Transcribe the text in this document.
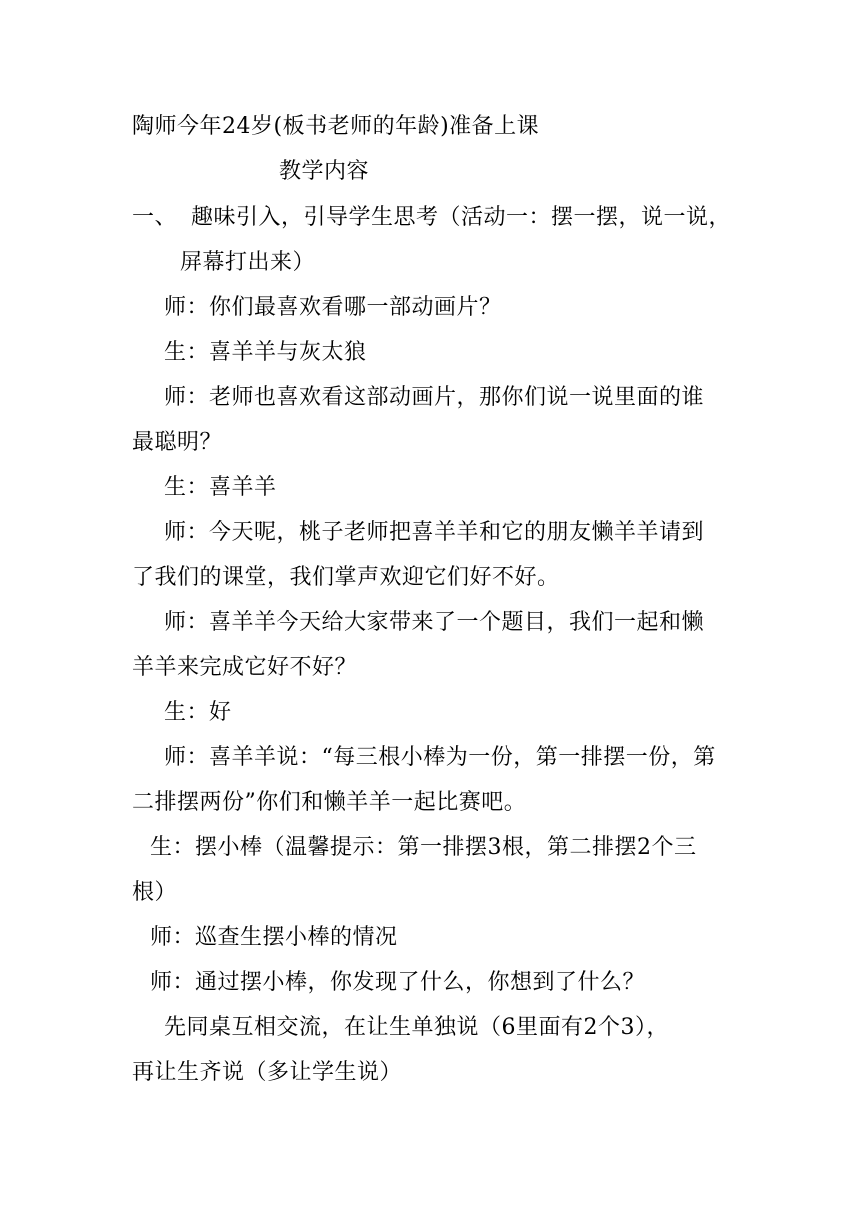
陶师今年24岁(板书老师的年龄)准备上课
教学内容
一、 趣味引入，引导学生思考（活动一：摆一摆，说一说，
屏幕打出来）
师：你们最喜欢看哪一部动画片？
生：喜羊羊与灰太狼
师：老师也喜欢看这部动画片，那你们说一说里面的谁
最聪明？
生：喜羊羊
师：今天呢，桃子老师把喜羊羊和它的朋友懒羊羊请到
了我们的课堂，我们掌声欢迎它们好不好。
师：喜羊羊今天给大家带来了一个题目，我们一起和懒
羊羊来完成它好不好？
生：好
师：喜羊羊说：“每三根小棒为一份，第一排摆一份，第
二排摆两份”你们和懒羊羊一起比赛吧。
生：摆小棒（温馨提示：第一排摆3根，第二排摆2个三
根）
师：巡查生摆小棒的情况
师：通过摆小棒，你发现了什么，你想到了什么？
先同桌互相交流，在让生单独说（6里面有2个3），
再让生齐说（多让学生说）
